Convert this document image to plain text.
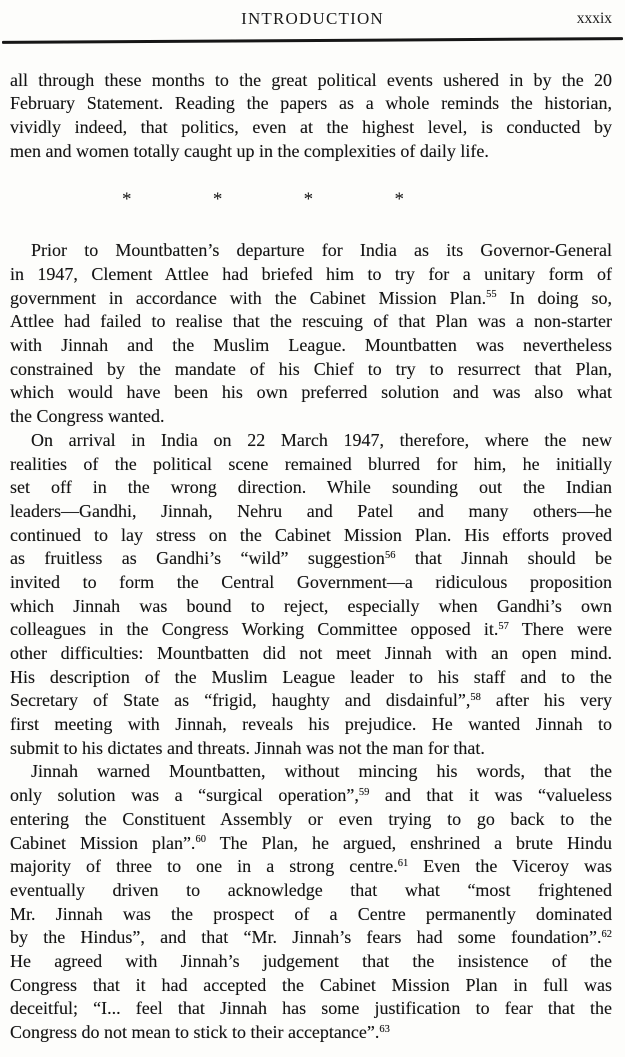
INTRODUCTION	xxxix
all through these months to the great political events ushered in by the 20
February Statement. Reading the papers as a whole reminds the historian,
vividly indeed, that politics, even at the highest level, is conducted by
men and women totally caught up in the complexities of daily life.
*	*	*	*
Prior to Mountbatten’s departure for India as its Governor-General
in 1947, Clement Attlee had briefed him to try for a unitary form of
government in accordance with the Cabinet Mission Plan.$^{55}$ In doing so,
Attlee had failed to realise that the rescuing of that Plan was a non-starter
with Jinnah and the Muslim League. Mountbatten was nevertheless
constrained by the mandate of his Chief to try to resurrect that Plan,
which would have been his own preferred solution and was also what
the Congress wanted.
On arrival in India on 22 March 1947, therefore, where the new
realities of the political scene remained blurred for him, he initially
set off in the wrong direction. While sounding out the Indian
leaders—Gandhi, Jinnah, Nehru and Patel and many others—he
continued to lay stress on the Cabinet Mission Plan. His efforts proved
as fruitless as Gandhi’s “wild” suggestion$^{56}$ that Jinnah should be
invited to form the Central Government—a ridiculous proposition
which Jinnah was bound to reject, especially when Gandhi’s own
colleagues in the Congress Working Committee opposed it.$^{57}$ There were
other difficulties: Mountbatten did not meet Jinnah with an open mind.
His description of the Muslim League leader to his staff and to the
Secretary of State as “frigid, haughty and disdainful”,$^{58}$ after his very
first meeting with Jinnah, reveals his prejudice. He wanted Jinnah to
submit to his dictates and threats. Jinnah was not the man for that.
Jinnah warned Mountbatten, without mincing his words, that the
only solution was a “surgical operation”,$^{59}$ and that it was “valueless
entering the Constituent Assembly or even trying to go back to the
Cabinet Mission plan”.$^{60}$ The Plan, he argued, enshrined a brute Hindu
majority of three to one in a strong centre.$^{61}$ Even the Viceroy was
eventually driven to acknowledge that what “most frightened
Mr. Jinnah was the prospect of a Centre permanently dominated
by the Hindus”, and that “Mr. Jinnah’s fears had some foundation”.$^{62}$
He agreed with Jinnah’s judgement that the insistence of the
Congress that it had accepted the Cabinet Mission Plan in full was
deceitful; “I... feel that Jinnah has some justification to fear that the
Congress do not mean to stick to their acceptance”.$^{63}$
